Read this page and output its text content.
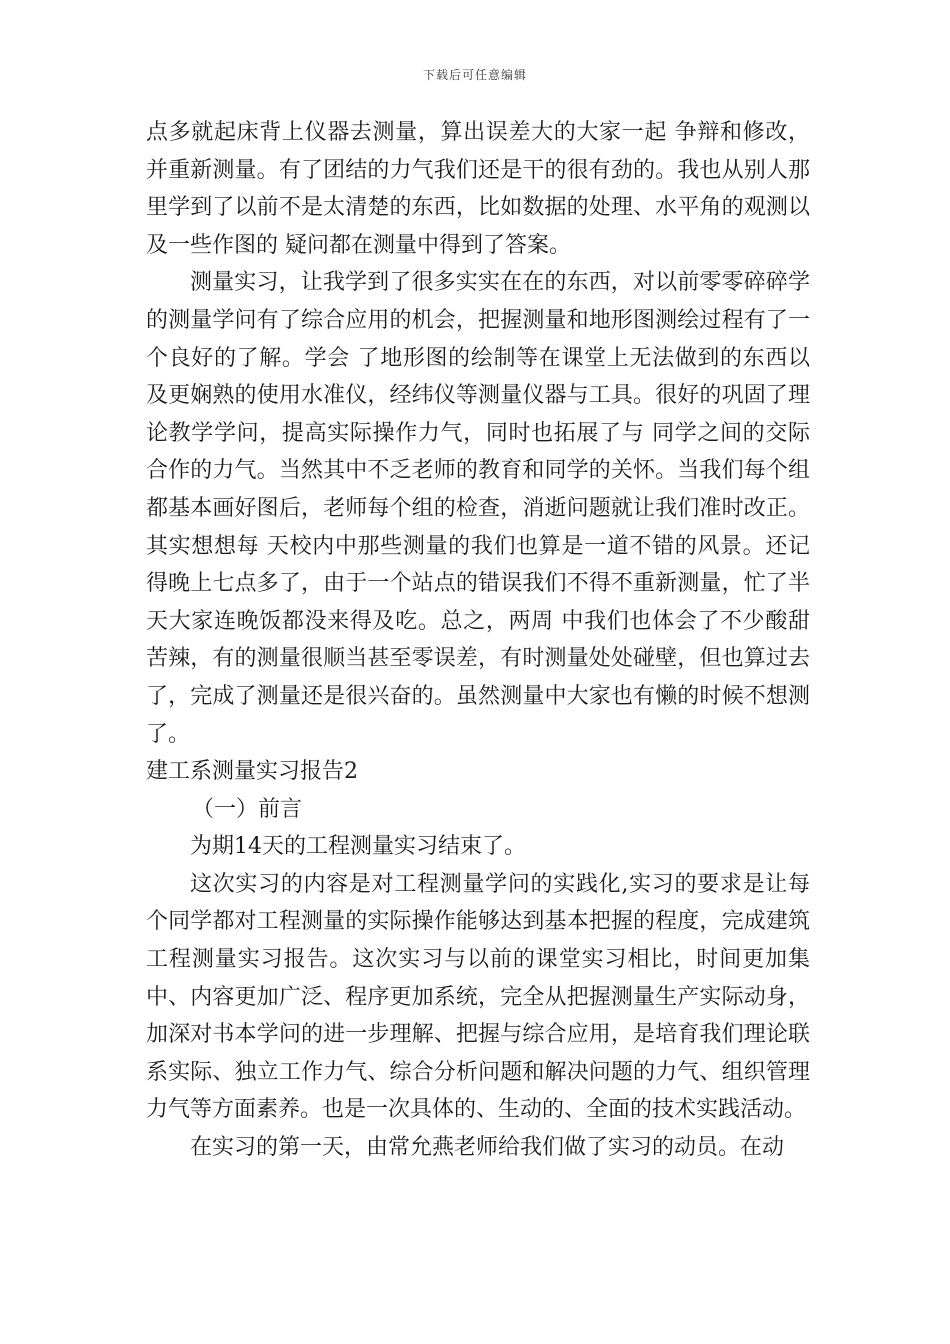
下载后可任意编辑

点多就起床背上仪器去测量，算出误差大的大家一起 争辩和修改，并重新测量。有了团结的力气我们还是干的很有劲的。我也从别人那里学到了以前不是太清楚的东西，比如数据的处理、水平角的观测以及一些作图的 疑问都在测量中得到了答案。

测量实习，让我学到了很多实实在在的东西，对以前零零碎碎学的测量学问有了综合应用的机会，把握测量和地形图测绘过程有了一个良好的了解。学会 了地形图的绘制等在课堂上无法做到的东西以及更娴熟的使用水准仪，经纬仪等测量仪器与工具。很好的巩固了理论教学学问，提高实际操作力气，同时也拓展了与 同学之间的交际合作的力气。当然其中不乏老师的教育和同学的关怀。当我们每个组都基本画好图后，老师每个组的检查，消逝问题就让我们准时改正。其实想想每 天校内中那些测量的我们也算是一道不错的风景。还记得晚上七点多了，由于一个站点的错误我们不得不重新测量，忙了半天大家连晚饭都没来得及吃。总之，两周 中我们也体会了不少酸甜苦辣，有的测量很顺当甚至零误差，有时测量处处碰壁，但也算过去了，完成了测量还是很兴奋的。虽然测量中大家也有懒的时候不想测 了。

建工系测量实习报告2

（一）前言

为期14天的工程测量实习结束了。

这次实习的内容是对工程测量学问的实践化,实习的要求是让每个同学都对工程测量的实际操作能够达到基本把握的程度，完成建筑工程测量实习报告。这次实习与以前的课堂实习相比，时间更加集中、内容更加广泛、程序更加系统，完全从把握测量生产实际动身，加深对书本学问的进一步理解、把握与综合应用，是培育我们理论联系实际、独立工作力气、综合分析问题和解决问题的力气、组织管理力气等方面素养。也是一次具体的、生动的、全面的技术实践活动。

在实习的第一天，由常允燕老师给我们做了实习的动员。在动
